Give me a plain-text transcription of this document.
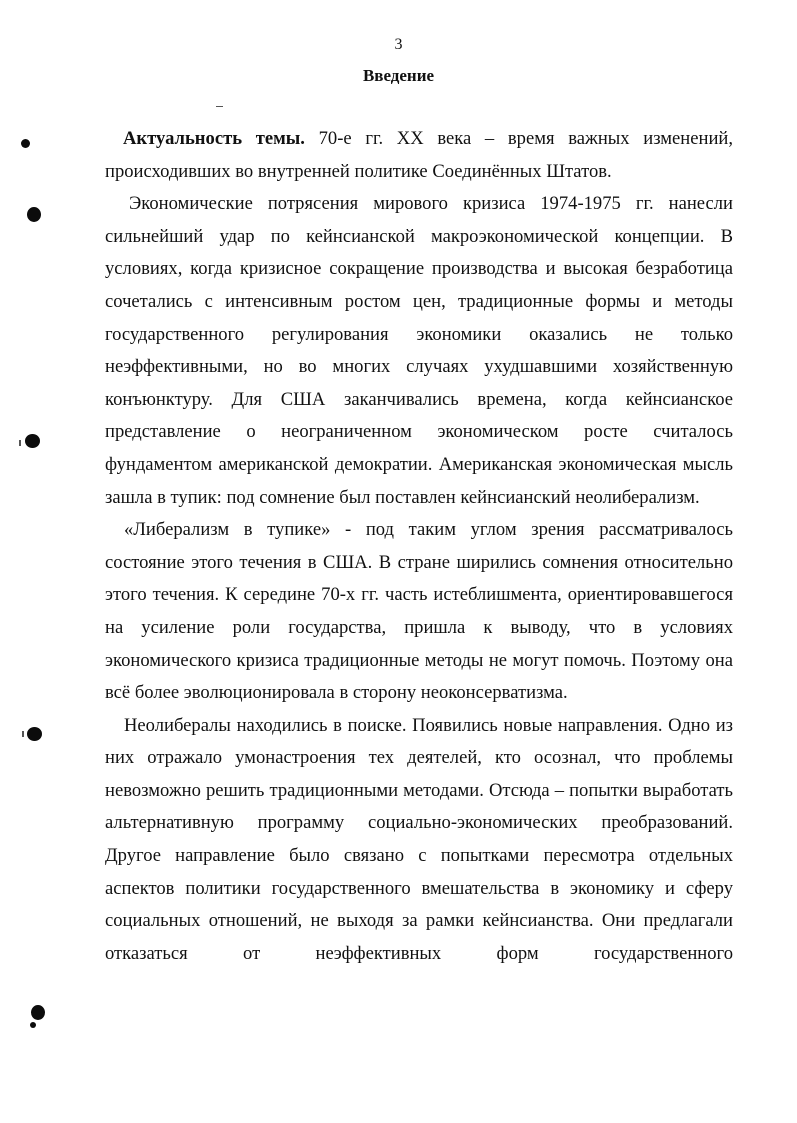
3
Введение

Актуальность темы. 70-е гг. XX века – время важных изменений, происходивших во внутренней политике Соединённых Штатов.

Экономические потрясения мирового кризиса 1974-1975 гг. нанесли сильнейший удар по кейнсианской макроэкономической концепции. В условиях, когда кризисное сокращение производства и высокая безработица сочетались с интенсивным ростом цен, традиционные формы и методы государственного регулирования экономики оказались не только неэффективными, но во многих случаях ухудшавшими хозяйственную конъюнктуру. Для США заканчивались времена, когда кейнсианское представление о неограниченном экономическом росте считалось фундаментом американской демократии. Американская экономическая мысль зашла в тупик: под сомнение был поставлен кейнсианский неолиберализм.

«Либерализм в тупике» - под таким углом зрения рассматривалось состояние этого течения в США. В стране ширились сомнения относительно этого течения. К середине 70-х гг. часть истеблишмента, ориентировавшегося на усиление роли государства, пришла к выводу, что в условиях экономического кризиса традиционные методы не могут помочь. Поэтому она всё более эволюционировала в сторону неоконсерватизма.

Неолибералы находились в поиске. Появились новые направления. Одно из них отражало умонастроения тех деятелей, кто осознал, что проблемы невозможно решить традиционными методами. Отсюда – попытки выработать альтернативную программу социально-экономических преобразований. Другое направление было связано с попытками пересмотра отдельных аспектов политики государственного вмешательства в экономику и сферу социальных отношений, не выходя за рамки кейнсианства. Они предлагали отказаться от неэффективных форм государственного
